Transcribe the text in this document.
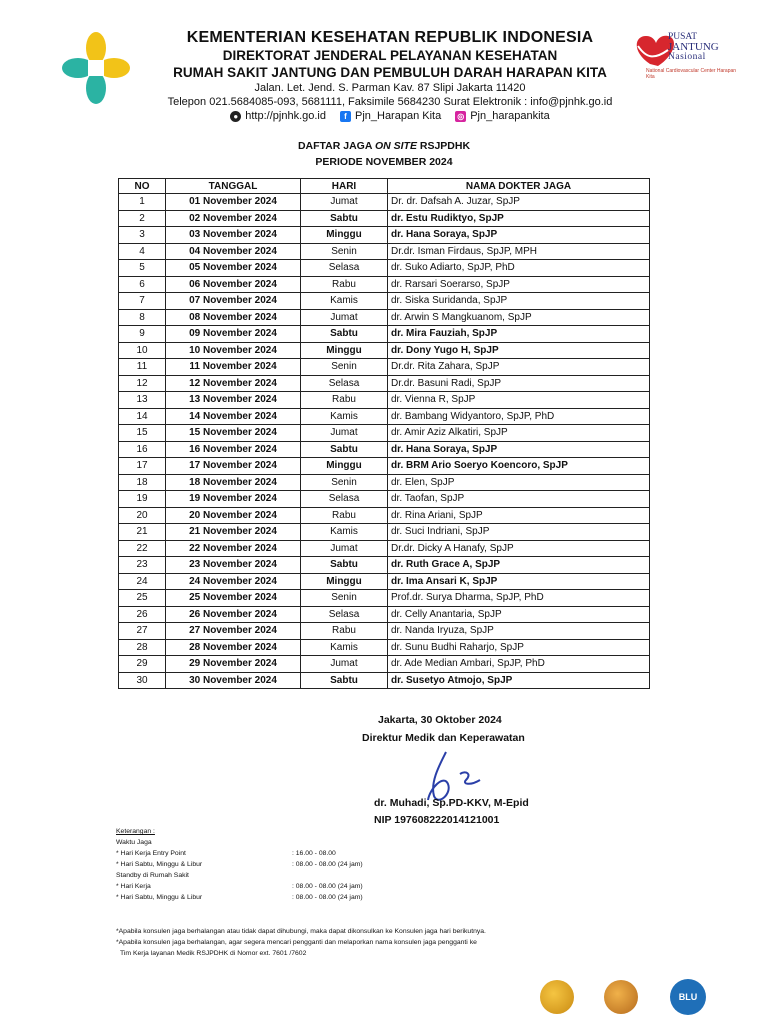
KEMENTERIAN KESEHATAN REPUBLIK INDONESIA
DIREKTORAT JENDERAL PELAYANAN KESEHATAN
RUMAH SAKIT JANTUNG DAN PEMBULUH DARAH HARAPAN KITA
Jalan. Let. Jend. S. Parman Kav. 87 Slipi Jakarta 11420
Telepon 021.5684085-093, 5681111, Faksimile 5684230 Surat Elektronik : info@pjnhk.go.id
● http://pjnhk.go.id	f Pjn_Harapan Kita ◎ Pjn_harapankita
PUSAT
JANTUNG
Nasional
National Cardiovascular Center Harapan Kita
DAFTAR JAGA ON SITE RSJPDHK
PERIODE NOVEMBER 2024
NO	TANGGAL	HARI	NAMA DOKTER JAGA
1	01 November 2024	Jumat	Dr. dr. Dafsah A. Juzar, SpJP
2	02 November 2024	Sabtu	dr. Estu Rudiktyo, SpJP
3	03 November 2024	Minggu	dr. Hana Soraya, SpJP
4	04 November 2024	Senin	Dr.dr. Isman Firdaus, SpJP, MPH
5	05 November 2024	Selasa	dr. Suko Adiarto, SpJP, PhD
6	06 November 2024	Rabu	dr. Rarsari Soerarso, SpJP
7	07 November 2024	Kamis	dr. Siska Suridanda, SpJP
8	08 November 2024	Jumat	dr. Arwin S Mangkuanom, SpJP
9	09 November 2024	Sabtu	dr. Mira Fauziah, SpJP
10	10 November 2024	Minggu	dr. Dony Yugo H, SpJP
11	11 November 2024	Senin	Dr.dr. Rita Zahara, SpJP
12	12 November 2024	Selasa	Dr.dr. Basuni Radi, SpJP
13	13 November 2024	Rabu	dr. Vienna R, SpJP
14	14 November 2024	Kamis	dr. Bambang Widyantoro, SpJP, PhD
15	15 November 2024	Jumat	dr. Amir Aziz Alkatiri, SpJP
16	16 November 2024	Sabtu	dr. Hana Soraya, SpJP
17	17 November 2024	Minggu	dr. BRM Ario Soeryo Koencoro, SpJP
18	18 November 2024	Senin	dr. Elen, SpJP
19	19 November 2024	Selasa	dr. Taofan, SpJP
20	20 November 2024	Rabu	dr. Rina Ariani, SpJP
21	21 November 2024	Kamis	dr. Suci Indriani, SpJP
22	22 November 2024	Jumat	Dr.dr. Dicky A Hanafy, SpJP
23	23 November 2024	Sabtu	dr. Ruth Grace A, SpJP
24	24 November 2024	Minggu	dr. Ima Ansari K, SpJP
25	25 November 2024	Senin	Prof.dr. Surya Dharma, SpJP, PhD
26	26 November 2024	Selasa	dr. Celly Anantaria, SpJP
27	27 November 2024	Rabu	dr. Nanda Iryuza, SpJP
28	28 November 2024	Kamis	dr. Sunu Budhi Raharjo, SpJP
29	29 November 2024	Jumat	dr. Ade Median Ambari, SpJP, PhD
30	30 November 2024	Sabtu	dr. Susetyo Atmojo, SpJP
Jakarta, 30 Oktober 2024
Direktur Medik dan Keperawatan
dr. Muhadi, Sp.PD-KKV, M-Epid
NIP 197608222014121001
Keterangan :
Waktu Jaga
* Hari Kerja Entry Point	: 16.00 - 08.00
* Hari Sabtu, Minggu & Libur	: 08.00 - 08.00 (24 jam)
Standby di Rumah Sakit
* Hari Kerja	: 08.00 - 08.00 (24 jam)
* Hari Sabtu, Minggu & Libur	: 08.00 - 08.00 (24 jam)
*Apabila konsulen jaga berhalangan atau tidak dapat dihubungi, maka dapat dikonsulkan ke Konsulen jaga hari berikutnya.
*Apabila konsulen jaga berhalangan, agar segera mencari pengganti dan melaporkan nama konsulen jaga pengganti ke
Tim Kerja layanan Medik RSJPDHK di Nomor ext. 7601 /7602
BLU
